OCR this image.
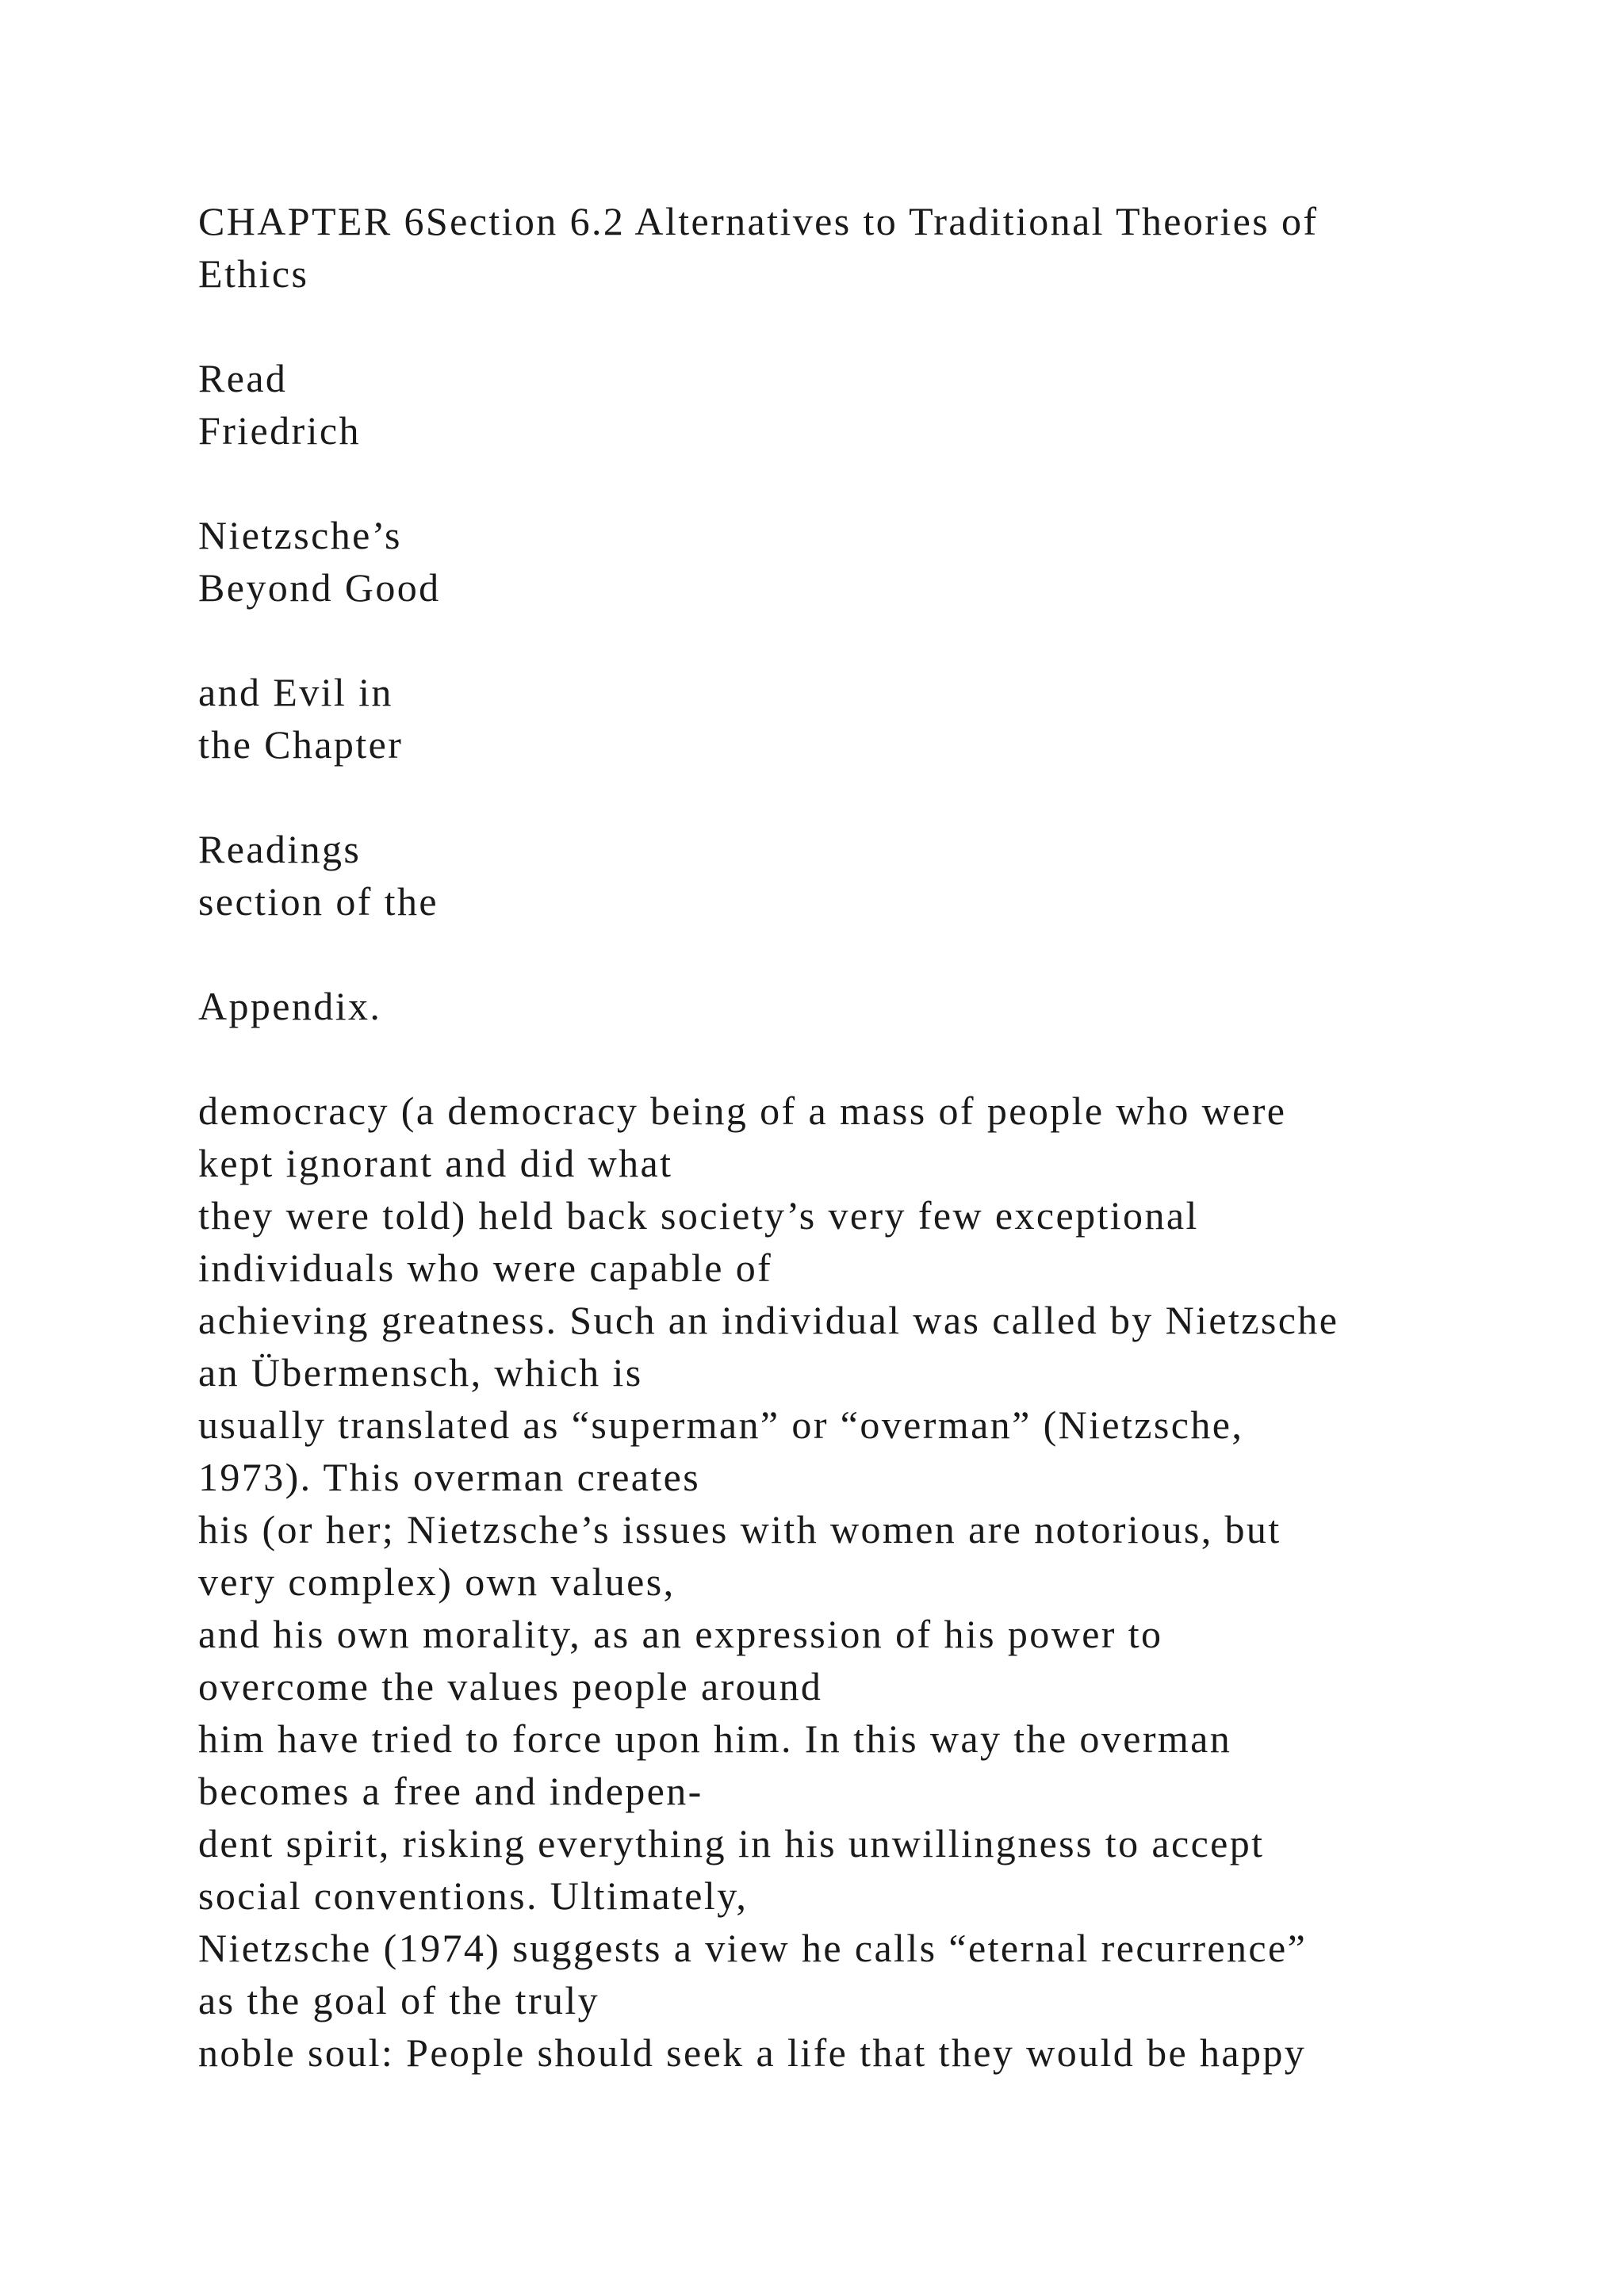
CHAPTER 6Section 6.2 Alternatives to Traditional Theories of
Ethics
Read
Friedrich
Nietzsche’s
Beyond Good
and Evil in
the Chapter
Readings
section of the
Appendix.
democracy (a democracy being of a mass of people who were
kept ignorant and did what
they were told) held back society’s very few exceptional
individuals who were capable of
achieving greatness. Such an individual was called by Nietzsche
an Übermensch, which is
usually translated as “superman” or “overman” (Nietzsche,
1973). This overman creates
his (or her; Nietzsche’s issues with women are notorious, but
very complex) own values,
and his own morality, as an expression of his power to
overcome the values people around
him have tried to force upon him. In this way the overman
becomes a free and indepen-
dent spirit, risking everything in his unwillingness to accept
social conventions. Ultimately,
Nietzsche (1974) suggests a view he calls “eternal recurrence”
as the goal of the truly
noble soul: People should seek a life that they would be happy
